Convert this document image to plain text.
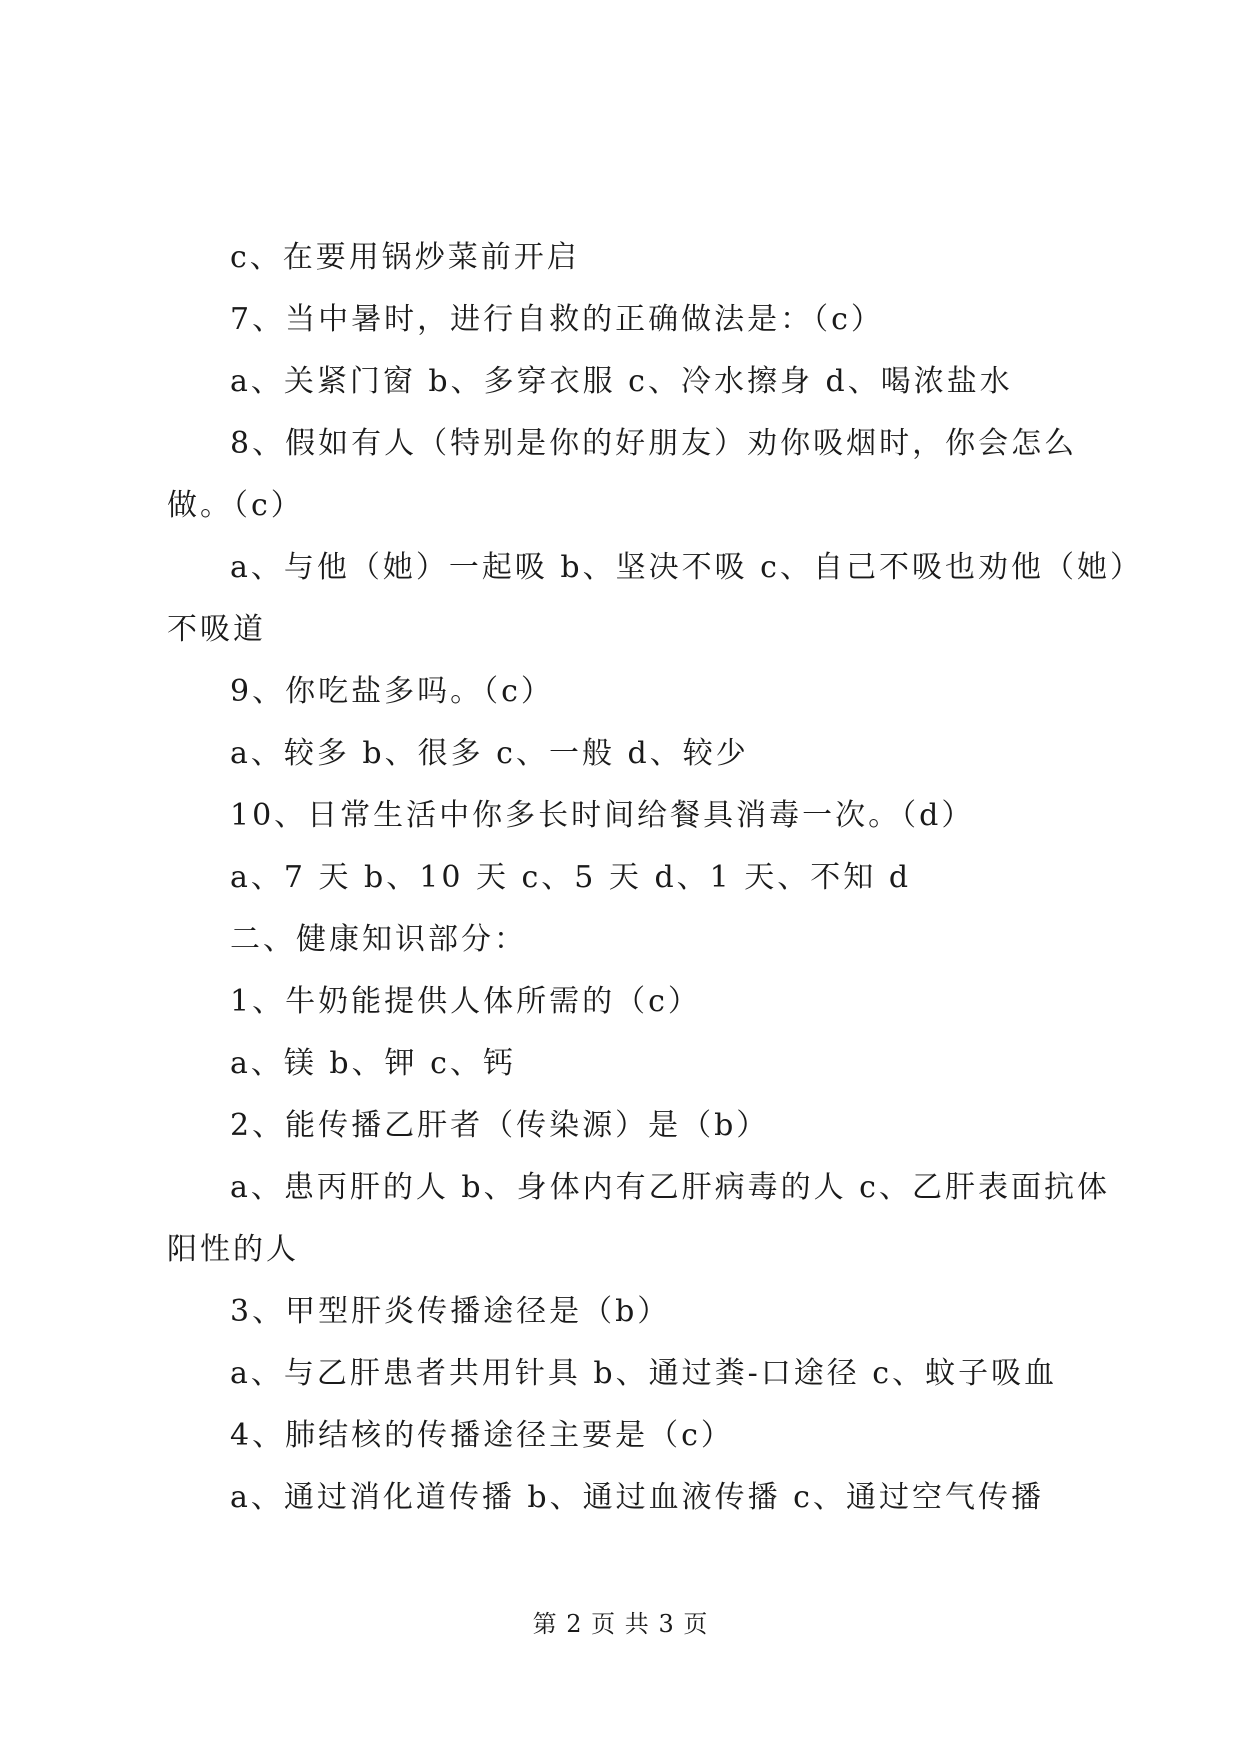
c、在要用锅炒菜前开启
7、当中暑时，进行自救的正确做法是：（c）
a、关紧门窗 b、多穿衣服 c、冷水擦身 d、喝浓盐水
8、假如有人（特别是你的好朋友）劝你吸烟时，你会怎么
做。（c）
a、与他（她）一起吸 b、坚决不吸 c、自己不吸也劝他（她）
不吸道
9、你吃盐多吗。（c）
a、较多 b、很多 c、一般 d、较少
10、日常生活中你多长时间给餐具消毒一次。（d）
a、7 天 b、10 天 c、5 天 d、1 天、不知 d
二、健康知识部分：
1、牛奶能提供人体所需的（c）
a、镁 b、钾 c、钙
2、能传播乙肝者（传染源）是（b）
a、患丙肝的人 b、身体内有乙肝病毒的人 c、乙肝表面抗体
阳性的人
3、甲型肝炎传播途径是（b）
a、与乙肝患者共用针具 b、通过粪-口途径 c、蚊子吸血
4、肺结核的传播途径主要是（c）
a、通过消化道传播 b、通过血液传播 c、通过空气传播
第 2 页 共 3 页
